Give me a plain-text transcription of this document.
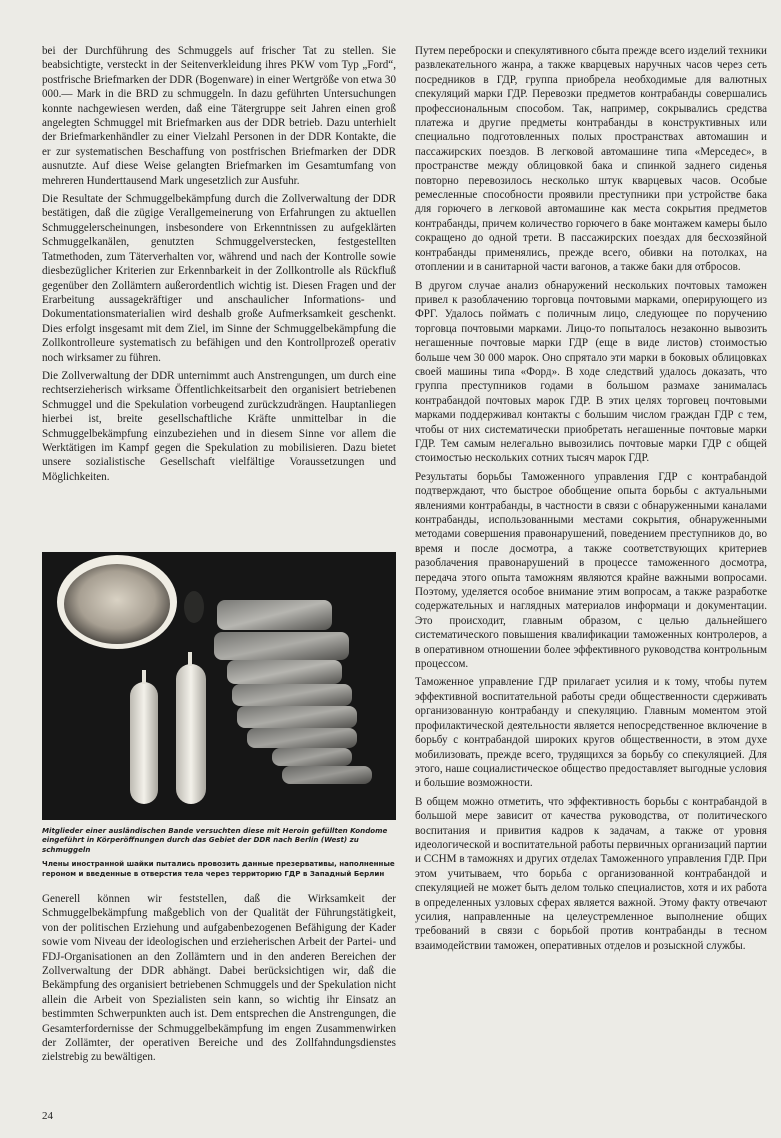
bei der Durchführung des Schmuggels auf frischer Tat zu stellen. Sie beabsichtigte, versteckt in der Seitenverkleidung ihres PKW vom Typ „Ford“, postfrische Briefmarken der DDR (Bogenware) in einer Wertgröße von etwa 30 000.— Mark in die BRD zu schmuggeln. In dazu geführten Untersuchungen konnte nachgewiesen werden, daß eine Tätergruppe seit Jahren einen groß angelegten Schmuggel mit Briefmarken aus der DDR betrieb. Dazu unterhielt der Briefmarkenhändler zu einer Vielzahl Personen in der DDR Kontakte, die er zur systematischen Beschaffung von postfrischen Briefmarken der DDR ausnutzte. Auf diese Weise gelangten Briefmarken im Gesamtumfang von mehreren Hunderttausend Mark ungesetzlich zur Ausfuhr.

Die Resultate der Schmuggelbekämpfung durch die Zollverwaltung der DDR bestätigen, daß die zügige Verallgemeinerung von Erfahrungen zu aktuellen Schmuggelerscheinungen, insbesondere von Erkenntnissen zu aufgeklärten Schmuggelkanälen, genutzten Schmuggelverstecken, festgestellten Tatmethoden, zum Täterverhalten vor, während und nach der Kontrolle sowie diesbezüglicher Kriterien zur Erkennbarkeit in der Zollkontrolle als Rückfluß gegenüber den Zollämtern außerordentlich wichtig ist. Diesen Fragen und der Erarbeitung aussagekräftiger und anschaulicher Informations- und Dokumentationsmaterialien wird deshalb große Aufmerksamkeit geschenkt. Dies erfolgt insgesamt mit dem Ziel, im Sinne der Schmuggelbekämpfung die Zollkontrolleure systematisch zu befähigen und den Kontrollprozeß operativ noch wirksamer zu führen.

Die Zollverwaltung der DDR unternimmt auch Anstrengungen, um durch eine rechtserzieherisch wirksame Öffentlichkeitsarbeit den organisiert betriebenen Schmuggel und die Spekulation vorbeugend zurückzudrängen. Hauptanliegen hierbei ist, breite gesellschaftliche Kräfte unmittelbar in die Schmuggelbekämpfung einzubeziehen und in diesem Sinne vor allem die Werktätigen im Kampf gegen die Spekulation zu mobilisieren. Dazu bietet unsere sozialistische Gesellschaft vielfältige Voraussetzungen und Möglichkeiten.

Mitglieder einer ausländischen Bande versuchten diese mit Heroin gefüllten Kondome eingeführt in Körperöffnungen durch das Gebiet der DDR nach Berlin (West) zu schmuggeln

Члены иностранной шайки пытались провозить данные презервативы, наполненные героном и введенные в отверстия тела через территорию ГДР в Западный Берлин

Generell können wir feststellen, daß die Wirksamkeit der Schmuggelbekämpfung maßgeblich von der Qualität der Führungstätigkeit, von der politischen Erziehung und aufgabenbezogenen Befähigung der Kader sowie vom Niveau der ideologischen und erzieherischen Arbeit der Partei- und FDJ-Organisationen an den Zollämtern und in den anderen Bereichen der Zollverwaltung der DDR abhängt. Dabei berücksichtigen wir, daß die Bekämpfung des organisiert betriebenen Schmuggels und der Spekulation nicht allein die Arbeit von Spezialisten sein kann, so wichtig ihr Einsatz an bestimmten Schwerpunkten auch ist. Dem entsprechen die Anstrengungen, die Gesamterfordernisse der Schmuggelbekämpfung im engen Zusammenwirken der Zollämter, der operativen Bereiche und des Zollfahndungsdienstes zielstrebig zu bewältigen.

Путем переброски и спекулятивного сбыта прежде всего изделий техники развлекательного жанра, а также кварцевых наручных часов через сеть посредников в ГДР, группа приобрела необходимые для валютных спекуляций марки ГДР. Перевозки предметов контрабанды совершались профессиональным способом. Так, например, сокрывались средства платежа и другие предметы контрабанды в конструктивных или специально подготовленных полых пространствах автомашин и пассажирских поездов. В легковой автомашине типа «Мерседес», в пространстве между облицовкой бака и спинкой заднего сиденья повторно перевозилось несколько штук кварцевых часов. Особые ремесленные способности проявили преступники при устройстве бака для горючего в легковой автомашине как места сокрытия предметов контрабанды, причем количество горючего в баке монтажем камеры было сокращено до одной трети. В пассажирских поездах для бесхозяйной контрабанды применялись, прежде всего, обивки на потолках, на отоплении и в санитарной части вагонов, а также баки для отбросов.

В другом случае анализ обнаружений нескольких почтовых таможен привел к разоблачению торговца почтовыми марками, оперирующего из ФРГ. Удалось поймать с поличным лицо, следующее по поручению торговца почтовыми марками. Лицо-то попыталось незаконно вывозить негашенные почтовые марки ГДР (еще в виде листов) стоимостью больше чем 30 000 марок. Оно спрятало эти марки в боковых облицовках своей машины типа «Форд». В ходе следствий удалось доказать, что группа преступников годами в большом размахе занималась контрабандой почтовых марок ГДР. В этих целях торговец почтовыми марками поддерживал контакты с большим числом граждан ГДР с тем, чтобы от них систематически приобретать негашенные почтовые марки ГДР. Тем самым нелегально вывозились почтовые марки ГДР с общей стоимостью нескольких сотних тысяч марок ГДР.

Результаты борьбы Таможенного управления ГДР с контрабандой подтверждают, что быстрое обобщение опыта борьбы с актуальными явлениями контрабанды, в частности в связи с обнаруженными каналами контрабанды, использованными местами сокрытия, обнаруженными методами совершения правонарушений, поведением преступников до, во время и после досмотра, а также соответствующих критериев разоблачения правонарушений в процессе таможенного досмотра, передача этого опыта таможням являются крайне важными вопросами. Поэтому, уделяется особое внимание этим вопросам, а также разработке содержательных и наглядных материалов информаци и документации. Это происходит, главным образом, с целью дальнейшего систематического повышения квалификации таможенных контролеров, а в оперативном отношении более эффективного руководства контрольным процессом.

Таможенное управление ГДР прилагает усилия и к тому, чтобы путем эффективной воспитательной работы среди общественности сдерживать организованную контрабанду и спекуляцию. Главным моментом этой профилактической деятельности является непосредственное включение в борьбу с контрабандой широких кругов общественности, в этом духе мобилизовать, прежде всего, трудящихся за борьбу со спекуляцией. Для этого, наше социалистическое общество предоставляет выгодные условия и большие возможности.

В общем можно отметить, что эффективность борьбы с контрабандой в большой мере зависит от качества руководства, от политического воспитания и привития кадров к задачам, а также от уровня идеологической и воспитательной работы первичных организаций партии и ССНМ в таможнях и других отделах Таможенного управления ГДР. При этом учитываем, что борьба с организованной контрабандой и спекуляцией не может быть делом только специалистов, хотя и их работа в определенных узловых сферах является важной. Этому факту отвечают усилия, направленные на целеустремленное выполнение общих требований в связи с борьбой против контрабанды в тесном взаимодействии таможен, оперативных отделов и розыскной службы.

24
